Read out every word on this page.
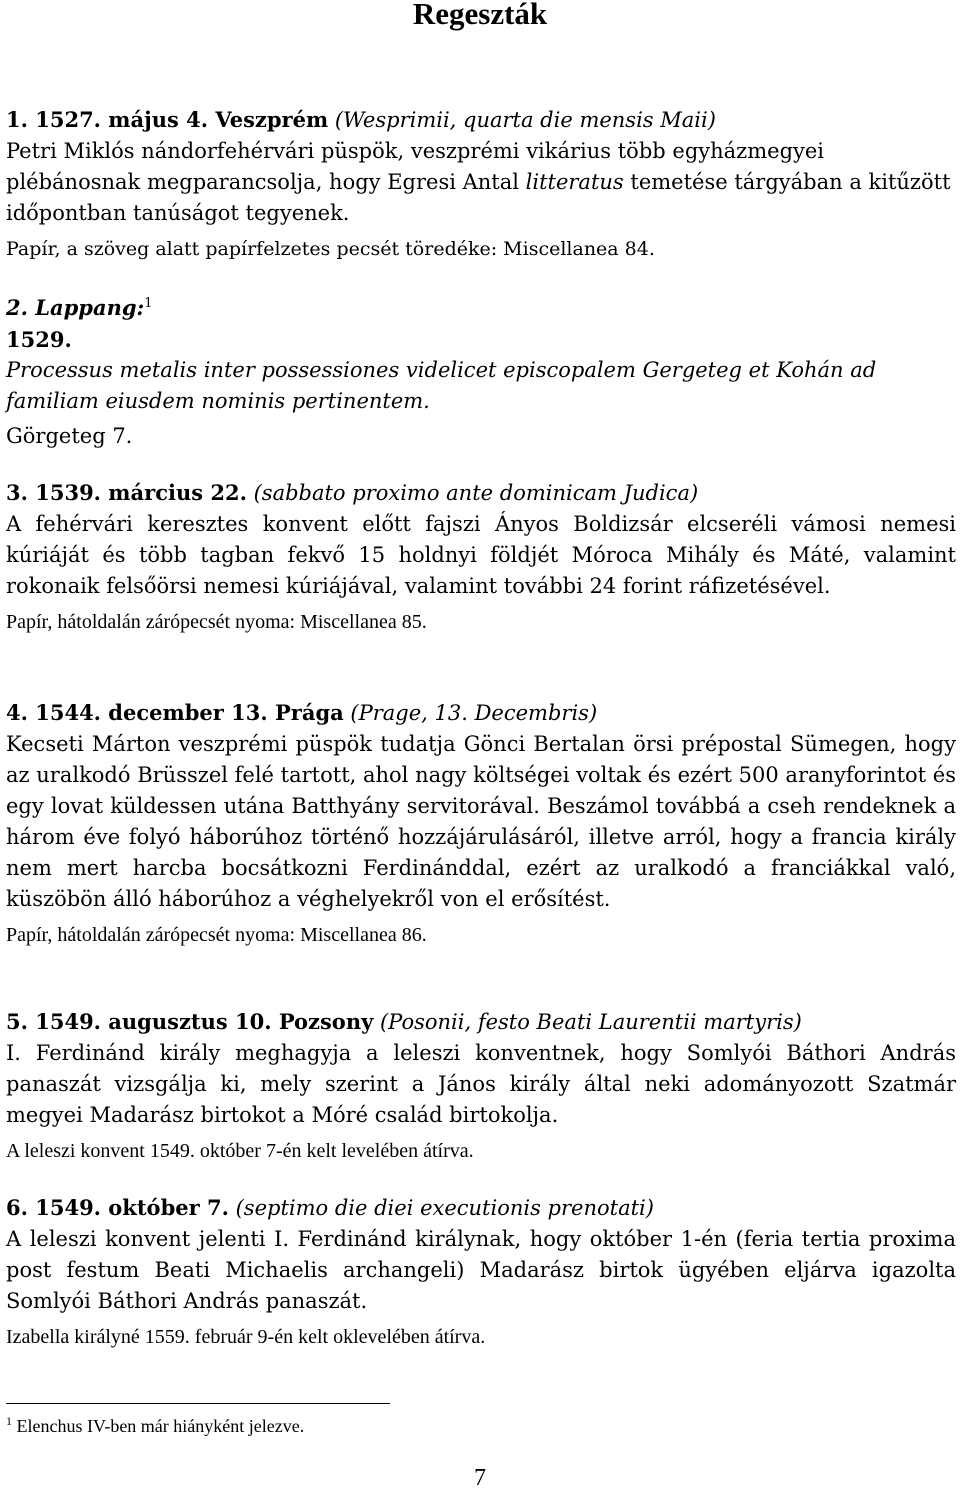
Regeszták
1. 1527. május 4. Veszprém (Wesprimii, quarta die mensis Maii)
Petri Miklós nándorfehérvári püspök, veszprémi vikárius több egyházmegyei plébánosnak megparancsolja, hogy Egresi Antal litteratus temetése tárgyában a kitűzött időpontban tanúságot tegyenek.
Papír, a szöveg alatt papírfelzetes pecsét töredéke: Miscellanea 84.
2. Lappang:$^1$
1529.
Processus metalis inter possessiones videlicet episcopalem Gergeteg et Kohán ad familiam eiusdem nominis pertinentem.
Görgeteg 7.
3. 1539. március 22. (sabbato proximo ante dominicam Judica)
A fehérvári keresztes konvent előtt fajszi Ányos Boldizsár elcseréli vámosi nemesi kúriáját és több tagban fekvő 15 holdnyi földjét Móroca Mihály és Máté, valamint rokonaik felsőörsi nemesi kúriájával, valamint további 24 forint ráfizetésével.
Papír, hátoldalán zárópecsét nyoma: Miscellanea 85.
4. 1544. december 13. Prága (Prage, 13. Decembris)
Kecseti Márton veszprémi püspök tudatja Gönci Bertalan örsi prépostal Sümegen, hogy az uralkodó Brüsszel felé tartott, ahol nagy költségei voltak és ezért 500 aranyforintot és egy lovat küldessen utána Batthyány servitorával. Beszámol továbbá a cseh rendeknek a három éve folyó háborúhoz történő hozzájárulásáról, illetve arról, hogy a francia király nem mert harcba bocsátkozni Ferdinánddal, ezért az uralkodó a franciákkal való, küszöbön álló háborúhoz a véghelyekről von el erősítést.
Papír, hátoldalán zárópecsét nyoma: Miscellanea 86.
5. 1549. augusztus 10. Pozsony (Posonii, festo Beati Laurentii martyris)
I. Ferdinánd király meghagyja a leleszi konventnek, hogy Somlyói Báthori András panaszát vizsgálja ki, mely szerint a János király által neki adományozott Szatmár megyei Madarász birtokot a Móré család birtokolja.
A leleszi konvent 1549. október 7-én kelt levelében átírva.
6. 1549. október 7. (septimo die diei executionis prenotati)
A leleszi konvent jelenti I. Ferdinánd királynak, hogy október 1-én (feria tertia proxima post festum Beati Michaelis archangeli) Madarász birtok ügyében eljárva igazolta Somlyói Báthori András panaszát.
Izabella királyné 1559. február 9-én kelt oklevelében átírva.
$^1$ Elenchus IV-ben már hiányként jelezve.
7
